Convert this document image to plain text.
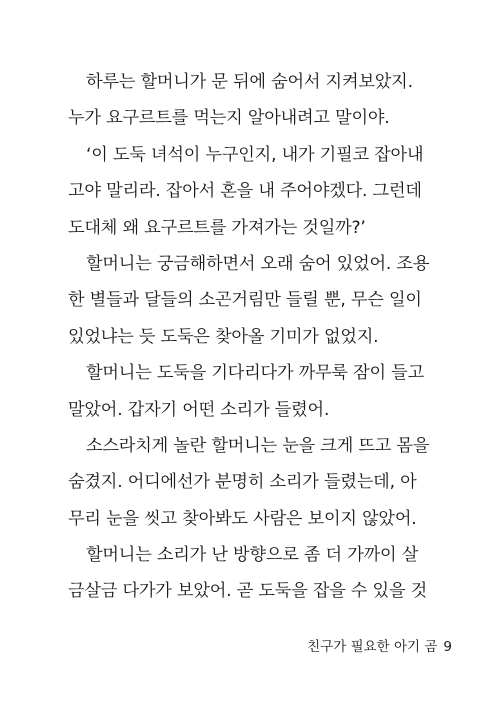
하루는 할머니가 문 뒤에 숨어서 지켜보았지.
누가 요구르트를 먹는지 알아내려고 말이야.
‘이 도둑 녀석이 누구인지, 내가 기필코 잡아내
고야 말리라. 잡아서 혼을 내 주어야겠다. 그런데
도대체 왜 요구르트를 가져가는 것일까?’
할머니는 궁금해하면서 오래 숨어 있었어. 조용
한 별들과 달들의 소곤거림만 들릴 뿐, 무슨 일이
있었냐는 듯 도둑은 찾아올 기미가 없었지.
할머니는 도둑을 기다리다가 까무룩 잠이 들고
말았어. 갑자기 어떤 소리가 들렸어.
소스라치게 놀란 할머니는 눈을 크게 뜨고 몸을
숨겼지. 어디에선가 분명히 소리가 들렸는데, 아
무리 눈을 씻고 찾아봐도 사람은 보이지 않았어.
할머니는 소리가 난 방향으로 좀 더 가까이 살
금살금 다가가 보았어. 곧 도둑을 잡을 수 있을 것
친구가 필요한 아기 곰 9
